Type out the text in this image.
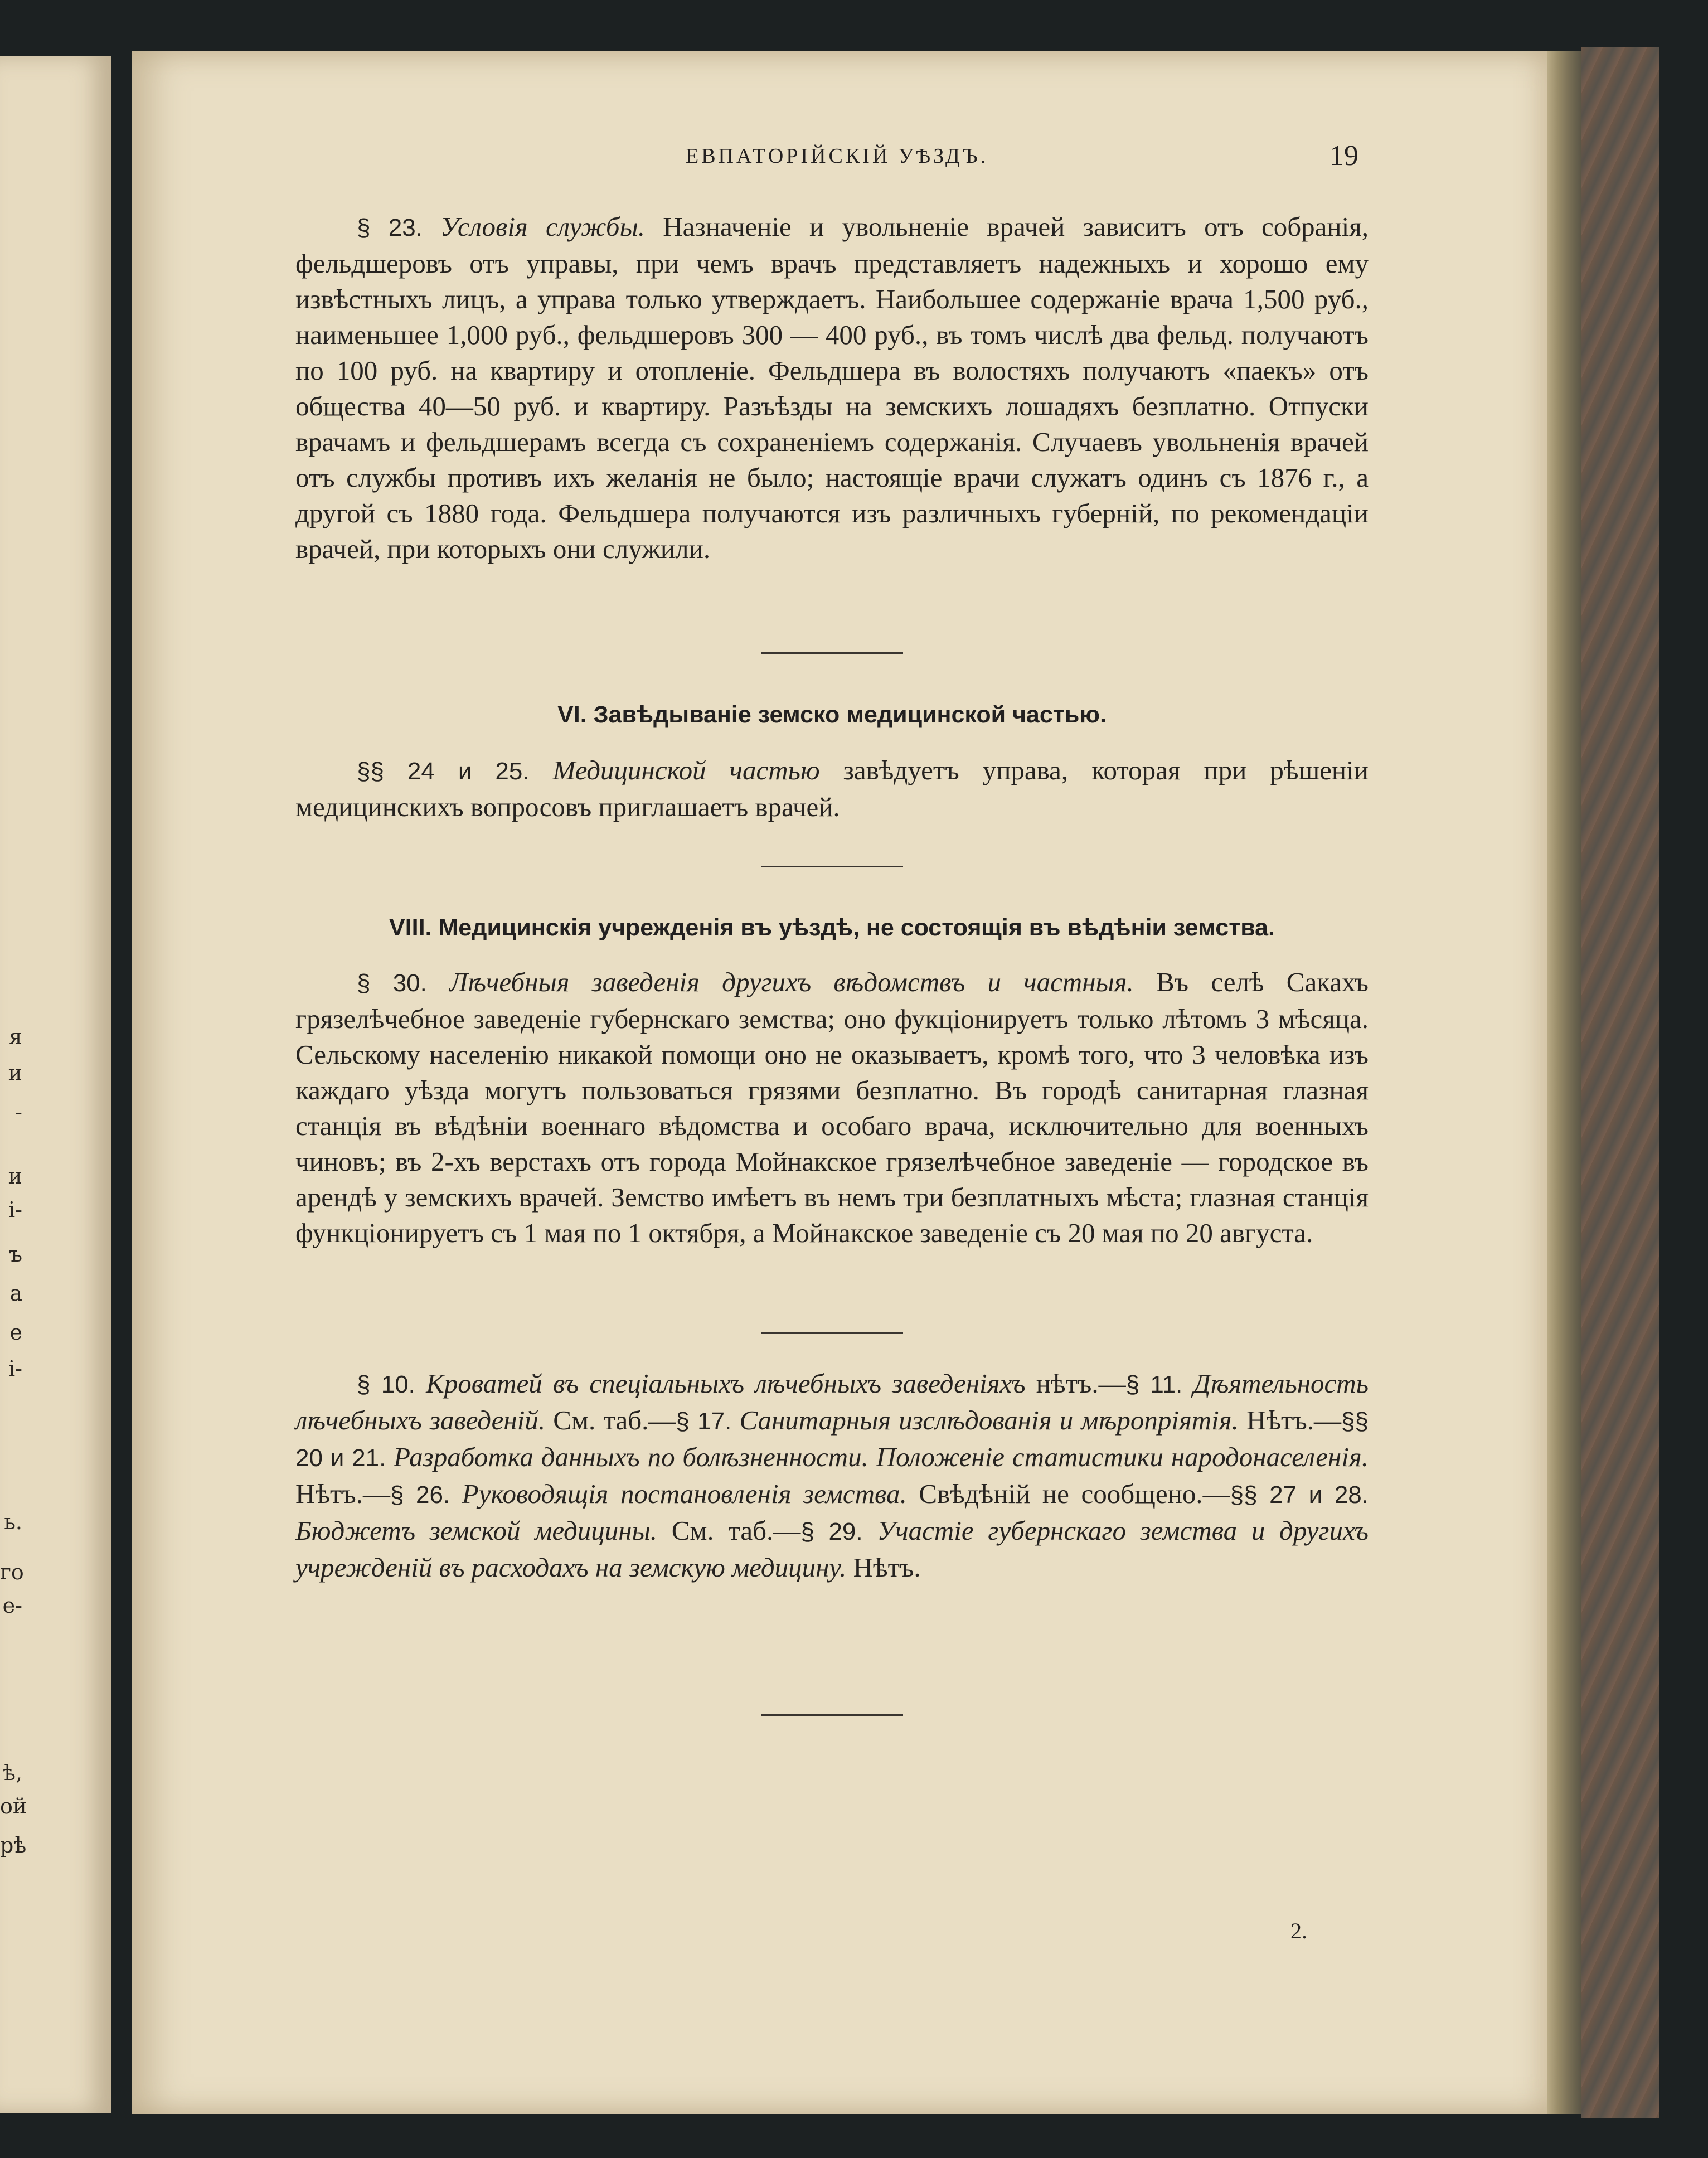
я
и
-
и
і-
ъ
а
е
і-
ь.
го
е-
ѣ,
ой
рѣ
ЕВПАТОРІЙСКІЙ УѢЗДЪ.	19
§ 23. Условія службы. Назначеніе и увольненіе врачей зависитъ отъ собранія, фельдшеровъ отъ управы, при чемъ врачъ представляетъ надежныхъ и хорошо ему извѣстныхъ лицъ, а управа только утверждаетъ. Наибольшее содержаніе врача 1,500 руб., наименьшее 1,000 руб., фельдшеровъ 300 — 400 руб., въ томъ числѣ два фельд. получаютъ по 100 руб. на квартиру и отопленіе. Фельдшера въ волостяхъ получаютъ «паекъ» отъ общества 40—50 руб. и квартиру. Разъѣзды на земскихъ лошадяхъ безплатно. Отпуски врачамъ и фельдшерамъ всегда съ сохраненіемъ содержанія. Случаевъ увольненія врачей отъ службы противъ ихъ желанія не было; настоящіе врачи служатъ одинъ съ 1876 г., а другой съ 1880 года. Фельдшера получаются изъ различныхъ губерній, по рекомендаціи врачей, при которыхъ они служили.
VI. Завѣдываніе земско медицинской частью.
§§ 24 и 25. Медицинской частью завѣдуетъ управа, которая при рѣшеніи медицинскихъ вопросовъ приглашаетъ врачей.
VIII. Медицинскія учрежденія въ уѣздѣ, не состоящія въ вѣдѣніи земства.
§ 30. Лѣчебныя заведенія другихъ вѣдомствъ и частныя. Въ селѣ Сакахъ грязелѣчебное заведеніе губернскаго земства; оно фукціонируетъ только лѣтомъ 3 мѣсяца. Сельскому населенію никакой помощи оно не оказываетъ, кромѣ того, что 3 человѣка изъ каждаго уѣзда могутъ пользоваться грязями безплатно. Въ городѣ санитарная глазная станція въ вѣдѣніи военнаго вѣдомства и особаго врача, исключительно для военныхъ чиновъ; въ 2-хъ верстахъ отъ города Мойнакское грязелѣчебное заведеніе — городское въ арендѣ у земскихъ врачей. Земство имѣетъ въ немъ три безплатныхъ мѣста; глазная станція функціонируетъ съ 1 мая по 1 октября, а Мойнакское заведеніе съ 20 мая по 20 августа.
§ 10. Кроватей въ спеціальныхъ лѣчебныхъ заведеніяхъ нѣтъ.—§ 11. Дѣятельность лѣчебныхъ заведеній. См. таб.—§ 17. Санитарныя изслѣдованія и мѣропріятія. Нѣтъ.—§§ 20 и 21. Разработка данныхъ по болѣзненности. Положеніе статистики народонаселенія. Нѣтъ.—§ 26. Руководящія постановленія земства. Свѣдѣній не сообщено.—§§ 27 и 28. Бюджетъ земской медицины. См. таб.—§ 29. Участіе губернскаго земства и другихъ учрежденій въ расходахъ на земскую медицину. Нѣтъ.
2.
